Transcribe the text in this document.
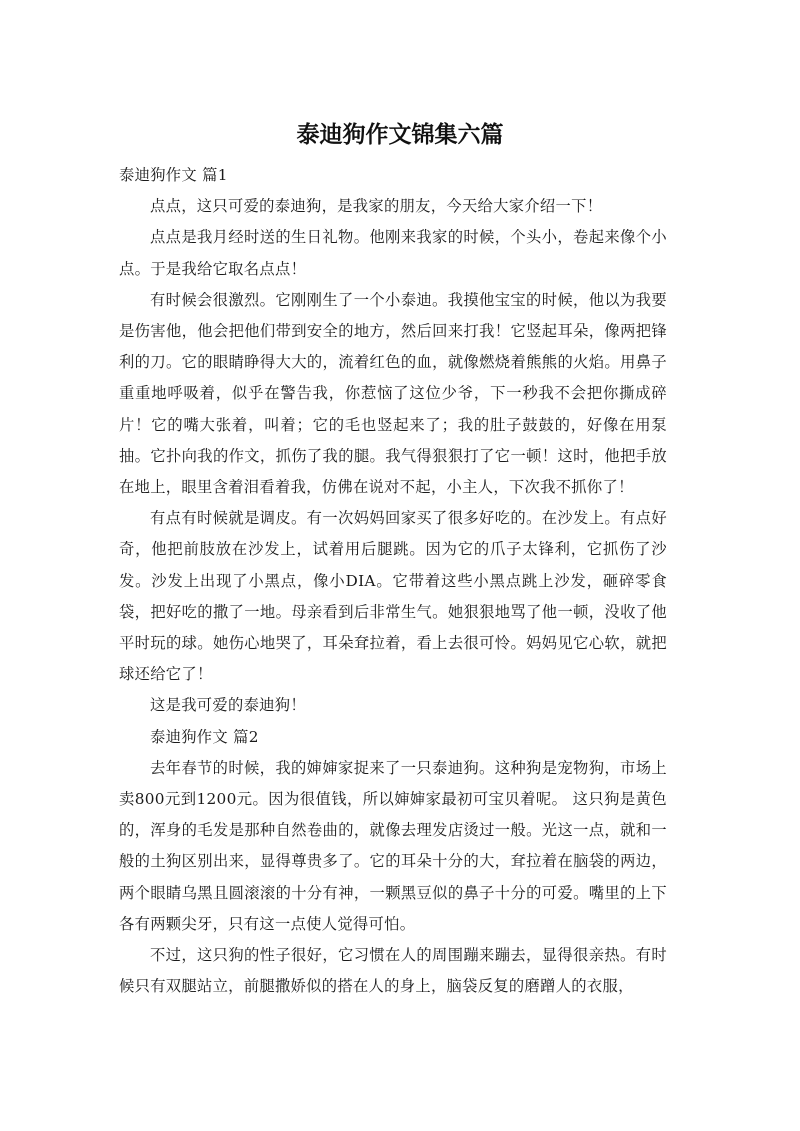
泰迪狗作文锦集六篇

泰迪狗作文 篇1

点点，这只可爱的泰迪狗，是我家的朋友，今天给大家介绍一下！

点点是我月经时送的生日礼物。他刚来我家的时候，个头小，卷起来像个小点。于是我给它取名点点！

有时候会很激烈。它刚刚生了一个小泰迪。我摸他宝宝的时候，他以为我要是伤害他，他会把他们带到安全的地方，然后回来打我！它竖起耳朵，像两把锋利的刀。它的眼睛睁得大大的，流着红色的血，就像燃烧着熊熊的火焰。用鼻子重重地呼吸着，似乎在警告我，你惹恼了这位少爷，下一秒我不会把你撕成碎片！它的嘴大张着，叫着；它的毛也竖起来了；我的肚子鼓鼓的，好像在用泵抽。它扑向我的作文，抓伤了我的腿。我气得狠狠打了它一顿！这时，他把手放在地上，眼里含着泪看着我，仿佛在说对不起，小主人，下次我不抓你了！

有点有时候就是调皮。有一次妈妈回家买了很多好吃的。在沙发上。有点好奇，他把前肢放在沙发上，试着用后腿跳。因为它的爪子太锋利，它抓伤了沙发。沙发上出现了小黑点，像小DIA。它带着这些小黑点跳上沙发，砸碎零食袋，把好吃的撒了一地。母亲看到后非常生气。她狠狠地骂了他一顿，没收了他平时玩的球。她伤心地哭了，耳朵耷拉着，看上去很可怜。妈妈见它心软，就把球还给它了！

这是我可爱的泰迪狗！

泰迪狗作文 篇2

去年春节的时候，我的婶婶家捉来了一只泰迪狗。这种狗是宠物狗，市场上卖800元到1200元。因为很值钱，所以婶婶家最初可宝贝着呢。 这只狗是黄色的，浑身的毛发是那种自然卷曲的，就像去理发店烫过一般。光这一点，就和一般的土狗区别出来，显得尊贵多了。它的耳朵十分的大，耷拉着在脑袋的两边，两个眼睛乌黑且圆滚滚的十分有神，一颗黑豆似的鼻子十分的可爱。嘴里的上下各有两颗尖牙，只有这一点使人觉得可怕。

不过，这只狗的性子很好，它习惯在人的周围蹦来蹦去，显得很亲热。有时候只有双腿站立，前腿撒娇似的搭在人的身上，脑袋反复的磨蹭人的衣服，
